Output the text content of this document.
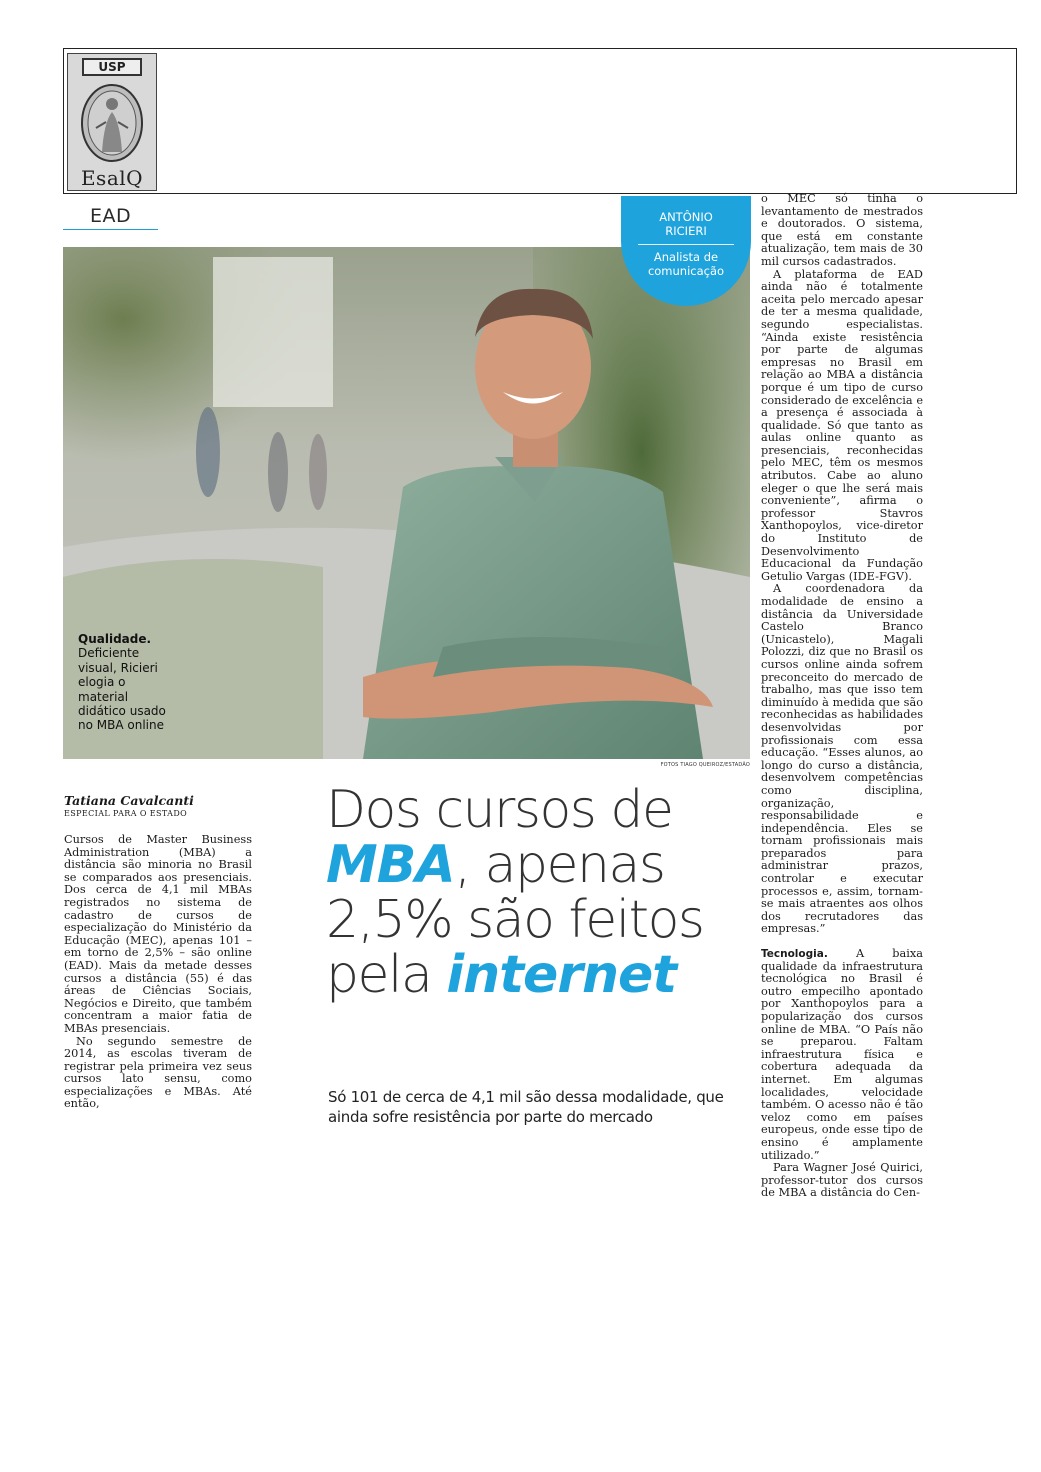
USP
EsalQ
EAD	ANTÔNIO
RICIERI
Analista de
comunicação
Qualidade.
Deficiente visual, Ricieri elogia o material didático usado no MBA online
FOTOS TIAGO QUEIROZ/ESTADÃO
Tatiana Cavalcanti
ESPECIAL PARA O ESTADO

Cursos de Master Business Administration (MBA) a distância são minoria no Brasil se comparados aos presenciais. Dos cerca de 4,1 mil MBAs registrados no sistema de cadastro de cursos de especialização do Ministério da Educação (MEC), apenas 101 – em torno de 2,5% – são online (EAD). Mais da metade desses cursos a distância (55) é das áreas de Ciências Sociais, Negócios e Direito, que também concentram a maior fatia de MBAs presenciais.

No segundo semestre de 2014, as escolas tiveram de registrar pela primeira vez seus cursos lato sensu, como especializações e MBAs. Até então,

Dos cursos de MBA, apenas 2,5% são feitos pela internet
Só 101 de cerca de 4,1 mil são dessa modalidade, que ainda sofre resistência por parte do mercado

o MEC só tinha o levantamento de mestrados e doutorados. O sistema, que está em constante atualização, tem mais de 30 mil cursos cadastrados.

A plataforma de EAD ainda não é totalmente aceita pelo mercado apesar de ter a mesma qualidade, segundo especialistas. “Ainda existe resistência por parte de algumas empresas no Brasil em relação ao MBA a distância porque é um tipo de curso considerado de excelência e a presença é associada à qualidade. Só que tanto as aulas online quanto as presenciais, reconhecidas pelo MEC, têm os mesmos atributos. Cabe ao aluno eleger o que lhe será mais conveniente”, afirma o professor Stavros Xanthopoylos, vice-diretor do Instituto de Desenvolvimento Educacional da Fundação Getulio Vargas (IDE-FGV).

A coordenadora da modalidade de ensino a distância da Universidade Castelo Branco (Unicastelo), Magali Polozzi, diz que no Brasil os cursos online ainda sofrem preconceito do mercado de trabalho, mas que isso tem diminuído à medida que são reconhecidas as habilidades desenvolvidas por profissionais com essa educação. “Esses alunos, ao longo do curso a distância, desenvolvem competências como disciplina, organização, responsabilidade e independência. Eles se tornam profissionais mais preparados para administrar prazos, controlar e executar processos e, assim, tornam-se mais atraentes aos olhos dos recrutadores das empresas.”

Tecnologia. A baixa qualidade da infraestrutura tecnológica no Brasil é outro empecilho apontado por Xanthopoylos para a popularização dos cursos online de MBA. “O País não se preparou. Faltam infraestrutura física e cobertura adequada da internet. Em algumas localidades, velocidade também. O acesso não é tão veloz como em países europeus, onde esse tipo de ensino é amplamente utilizado.”

Para Wagner José Quirici, professor-tutor dos cursos de MBA a distância do Cen-
